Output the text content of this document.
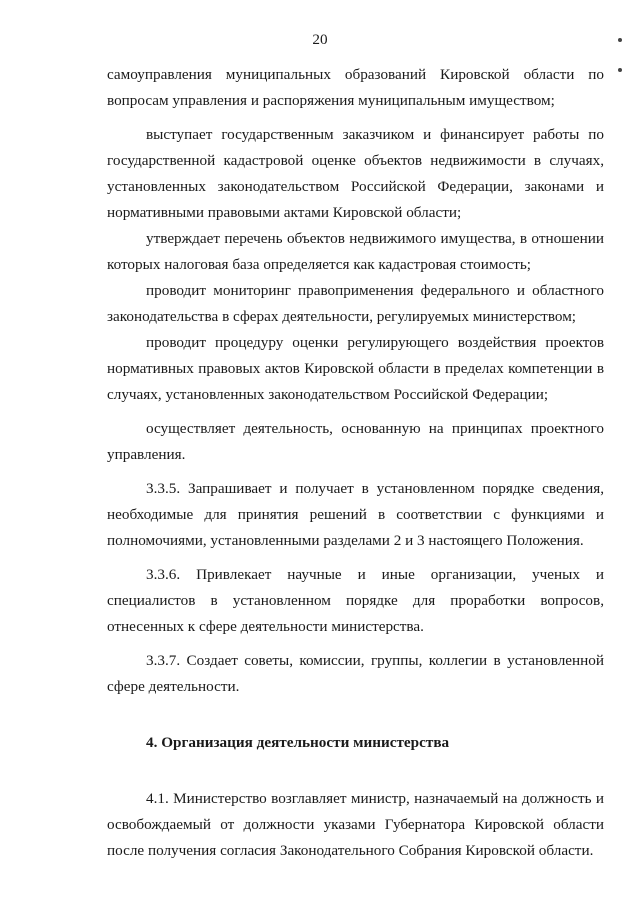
20

самоуправления муниципальных образований Кировской области по вопросам управления и распоряжения муниципальным имуществом;

выступает государственным заказчиком и финансирует работы по государственной кадастровой оценке объектов недвижимости в случаях, установленных законодательством Российской Федерации, законами и нормативными правовыми актами Кировской области;

утверждает перечень объектов недвижимого имущества, в отношении которых налоговая база определяется как кадастровая стоимость;

проводит мониторинг правоприменения федерального и областного законодательства в сферах деятельности, регулируемых министерством;

проводит процедуру оценки регулирующего воздействия проектов нормативных правовых актов Кировской области в пределах компетенции в случаях, установленных законодательством Российской Федерации;

осуществляет деятельность, основанную на принципах проектного управления.

3.3.5. Запрашивает и получает в установленном порядке сведения, необходимые для принятия решений в соответствии с функциями и полномочиями, установленными разделами 2 и 3 настоящего Положения.

3.3.6. Привлекает научные и иные организации, ученых и специалистов в установленном порядке для проработки вопросов, отнесенных к сфере деятельности министерства.

3.3.7. Создает советы, комиссии, группы, коллегии в установленной сфере деятельности.

4. Организация деятельности министерства

4.1. Министерство возглавляет министр, назначаемый на должность и освобождаемый от должности указами Губернатора Кировской области после получения согласия Законодательного Собрания Кировской области.
